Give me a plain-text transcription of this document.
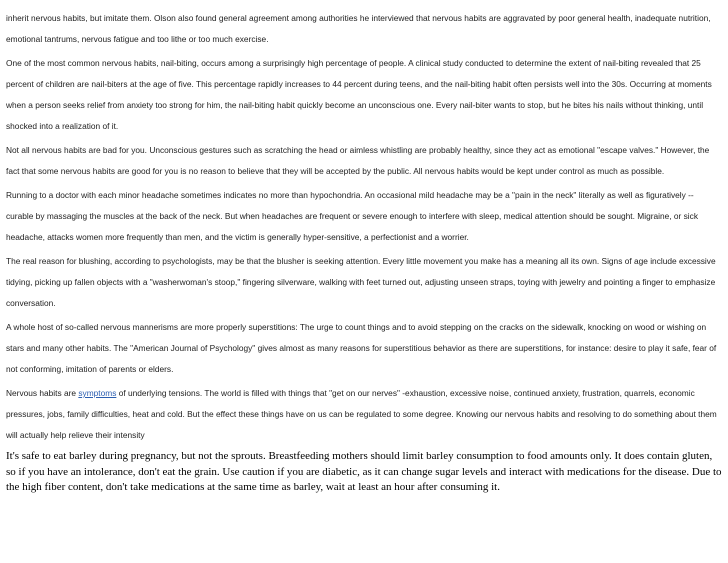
inherit nervous habits, but imitate them. Olson also found general agreement among authorities he interviewed that nervous habits are aggravated by poor general health, inadequate nutrition, emotional tantrums, nervous fatigue and too lithe or too much exercise.

One of the most common nervous habits, nail-biting, occurs among a surprisingly high percentage of people. A clinical study conducted to determine the extent of nail-biting revealed that 25 percent of children are nail-biters at the age of five. This percentage rapidly increases to 44 percent during teens, and the nail-biting habit often persists well into the 30s. Occurring at moments when a person seeks relief from anxiety too strong for him, the nail-biting habit quickly become an unconscious one. Every nail-biter wants to stop, but he bites his nails without thinking, until shocked into a realization of it.

Not all nervous habits are bad for you. Unconscious gestures such as scratching the head or aimless whistling are probably healthy, since they act as emotional "escape valves." However, the fact that some nervous habits are good for you is no reason to believe that they will be accepted by the public. All nervous habits would be kept under control as much as possible.

Running to a doctor with each minor headache sometimes indicates no more than hypochondria. An occasional mild headache may be a "pain in the neck" literally as well as figuratively -- curable by massaging the muscles at the back of the neck. But when headaches are frequent or severe enough to interfere with sleep, medical attention should be sought. Migraine, or sick headache, attacks women more frequently than men, and the victim is generally hyper-sensitive, a perfectionist and a worrier.

The real reason for blushing, according to psychologists, may be that the blusher is seeking attention. Every little movement you make has a meaning all its own. Signs of age include excessive tidying, picking up fallen objects with a "washerwoman's stoop," fingering silverware, walking with feet turned out, adjusting unseen straps, toying with jewelry and pointing a finger to emphasize conversation.

A whole host of so-called nervous mannerisms are more properly superstitions: The urge to count things and to avoid stepping on the cracks on the sidewalk, knocking on wood or wishing on stars and many other habits. The "American Journal of Psychology" gives almost as many reasons for superstitious behavior as there are superstitions, for instance: desire to play it safe, fear of not conforming, imitation of parents or elders.

Nervous habits are symptoms of underlying tensions. The world is filled with things that "get on our nerves" -exhaustion, excessive noise, continued anxiety, frustration, quarrels, economic pressures, jobs, family difficulties, heat and cold. But the effect these things have on us can be regulated to some degree. Knowing our nervous habits and resolving to do something about them will actually help relieve their intensity

It's safe to eat barley during pregnancy, but not the sprouts. Breastfeeding mothers should limit barley consumption to food amounts only. It does contain gluten, so if you have an intolerance, don't eat the grain. Use caution if you are diabetic, as it can change sugar levels and interact with medications for the disease. Due to the high fiber content, don't take medications at the same time as barley, wait at least an hour after consuming it.
